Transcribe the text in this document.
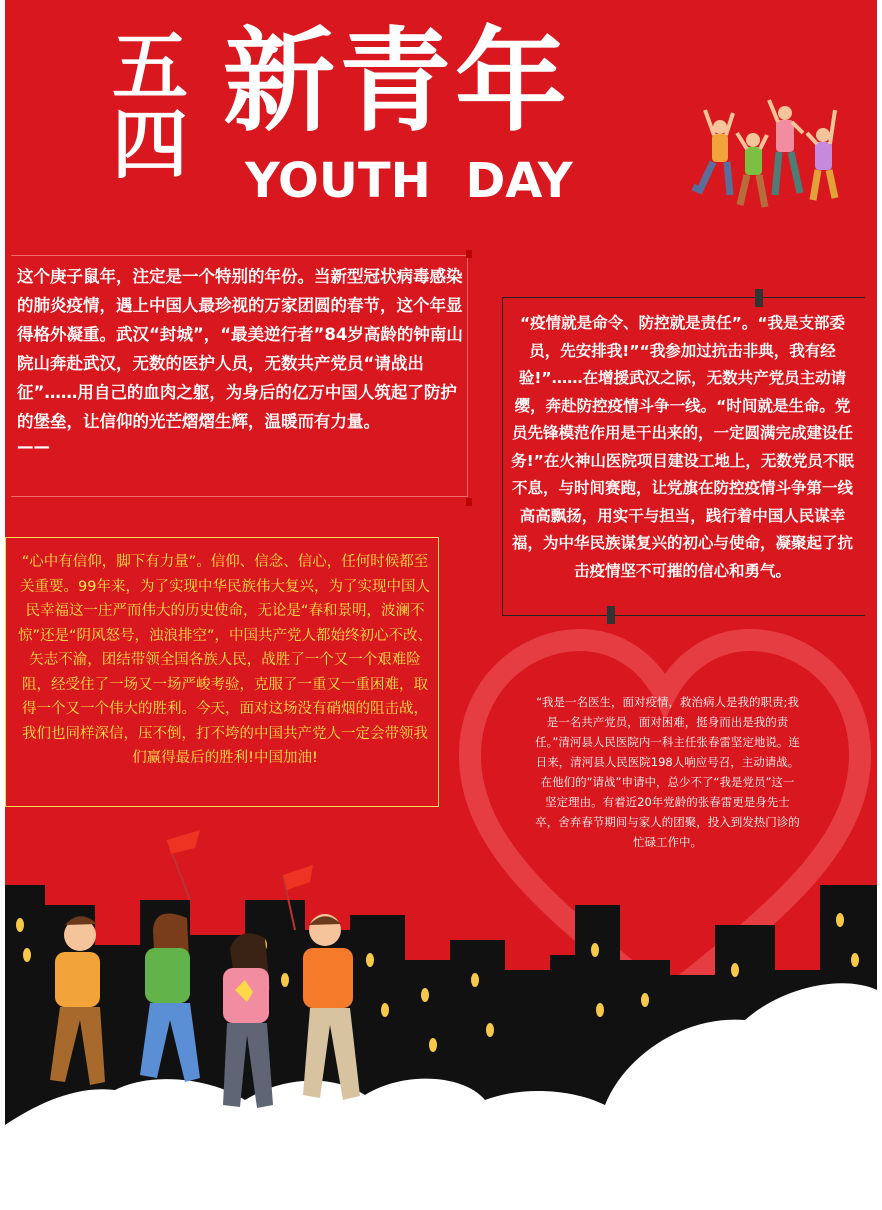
五
四 新青年
YOUTH DAY
这个庚子鼠年，注定是一个特别的年份。当新型冠状病毒感染的肺炎疫情，遇上中国人最珍视的万家团圆的春节，这个年显得格外凝重。武汉“封城”，“最美逆行者”84岁高龄的钟南山院山奔赴武汉，无数的医护人员，无数共产党员“请战出征”……用自己的血肉之躯，为身后的亿万中国人筑起了防护的堡垒，让信仰的光芒熠熠生辉，温暖而有力量。
——
“疫情就是命令、防控就是责任”。“我是支部委员，先安排我!”“我参加过抗击非典，我有经验!”……在增援武汉之际，无数共产党员主动请缨，奔赴防控疫情斗争一线。“时间就是生命。党员先锋模范作用是干出来的，一定圆满完成建设任务!”在火神山医院项目建设工地上，无数党员不眠不息，与时间赛跑，让党旗在防控疫情斗争第一线高高飘扬，用实干与担当，践行着中国人民谋幸福，为中华民族谋复兴的初心与使命，凝聚起了抗击疫情坚不可摧的信心和勇气。
“心中有信仰，脚下有力量”。信仰、信念、信心，任何时候都至关重要。99年来，为了实现中华民族伟大复兴，为了实现中国人民幸福这一庄严而伟大的历史使命，无论是“春和景明，波澜不惊”还是“阴风怒号，浊浪排空”，中国共产党人都始终初心不改、矢志不渝，团结带领全国各族人民，战胜了一个又一个艰难险阻，经受住了一场又一场严峻考验，克服了一重又一重困难，取得一个又一个伟大的胜利。今天，面对这场没有硝烟的阻击战，我们也同样深信，压不倒，打不垮的中国共产党人一定会带领我们赢得最后的胜利!中国加油!
“我是一名医生，面对疫情，救治病人是我的职责;我是一名共产党员，面对困难，挺身而出是我的责任。”清河县人民医院内一科主任张春雷坚定地说。连日来，清河县人民医院198人响应号召，主动请战。在他们的“请战”申请中，总少不了“我是党员”这一坚定理由。有着近20年党龄的张春雷更是身先士卒，舍弃春节期间与家人的团聚，投入到发热门诊的忙碌工作中。
